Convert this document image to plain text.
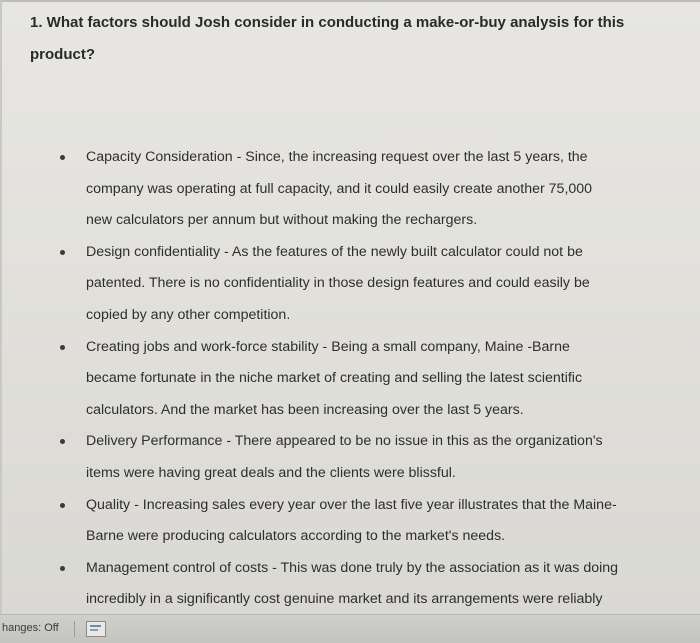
1. What factors should Josh consider in conducting a make-or-buy analysis for this
product?
Capacity Consideration - Since, the increasing request over the last 5 years, the
company was operating at full capacity, and it could easily create another 75,000
new calculators per annum but without making the rechargers.
Design confidentiality - As the features of the newly built calculator could not be
patented. There is no confidentiality in those design features and could easily be
copied by any other competition.
Creating jobs and work-force stability - Being a small company, Maine -Barne
became fortunate in the niche market of creating and selling the latest scientific
calculators. And the market has been increasing over the last 5 years.
Delivery Performance - There appeared to be no issue in this as the organization's
items were having great deals and the clients were blissful.
Quality - Increasing sales every year over the last five year illustrates that the Maine-
Barne were producing calculators according to the market's needs.
Management control of costs - This was done truly by the association as it was doing
incredibly in a significantly cost genuine market and its arrangements were reliably
hanges: Off
